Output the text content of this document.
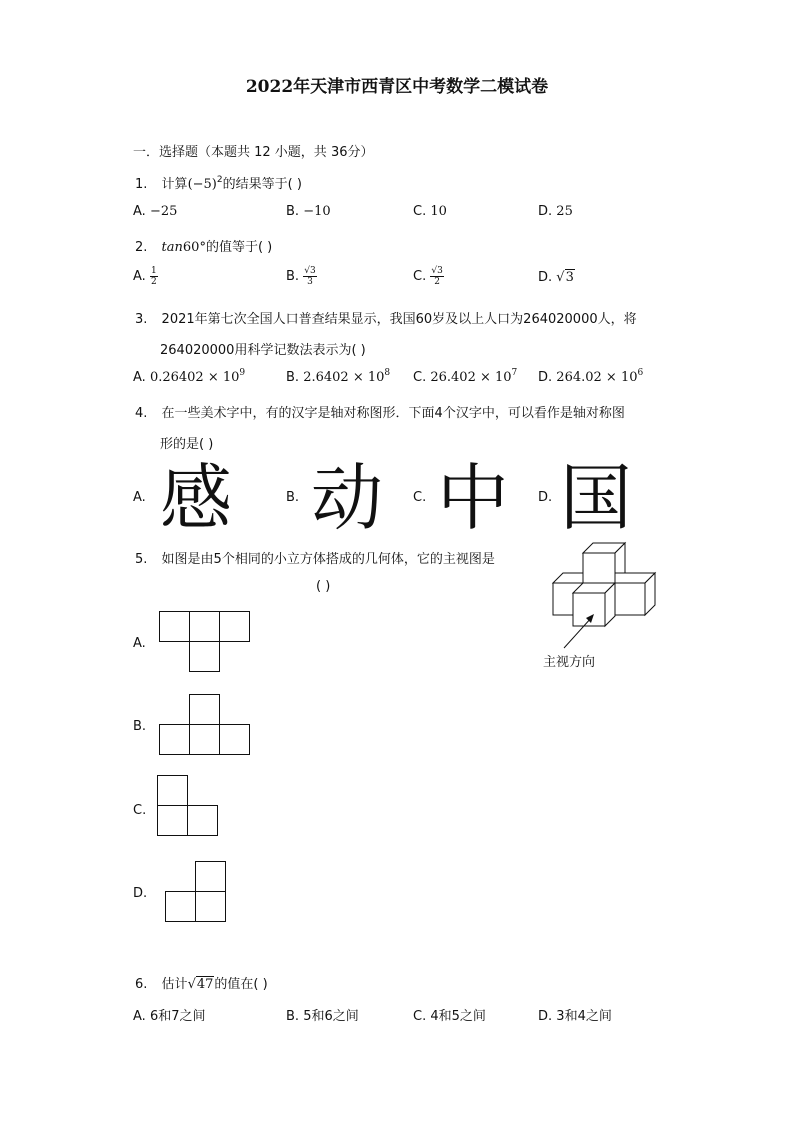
2022年天津市西青区中考数学二模试卷
一．选择题（本题共 12 小题，共 36分）
1. 计算$(-5)^2$的结果等于( )
A. −25	B. −10	C. 10	D. 25
2. tan60°的值等于( )
A. $\frac{1}{2}$	B. $\frac{√3}{3}$	C. $\frac{√3}{2}$	D. √3
3. 2021年第七次全国人口普查结果显示，我国60岁及以上人口为264020000人，将
264020000用科学记数法表示为( )
A. $0.26402 \times 10^9$	B. $2.6402 \times 10^8$ C. $26.402 \times 10^7$ D. $264.02 \times 10^6$
4. 在一些美术字中，有的汉字是轴对称图形．下面4个汉字中，可以看作是轴对称图
形的是( )
A. 感	B. 动 C. 中 D. 国
5. 如图是由5个相同的小立方体搭成的几何体，它的主视图是
( )
主视方向
A.
B.
C.
D.
6. 估计√47的值在( )
A. 6和7之间	B. 5和6之间	C. 4和5之间	D. 3和4之间
